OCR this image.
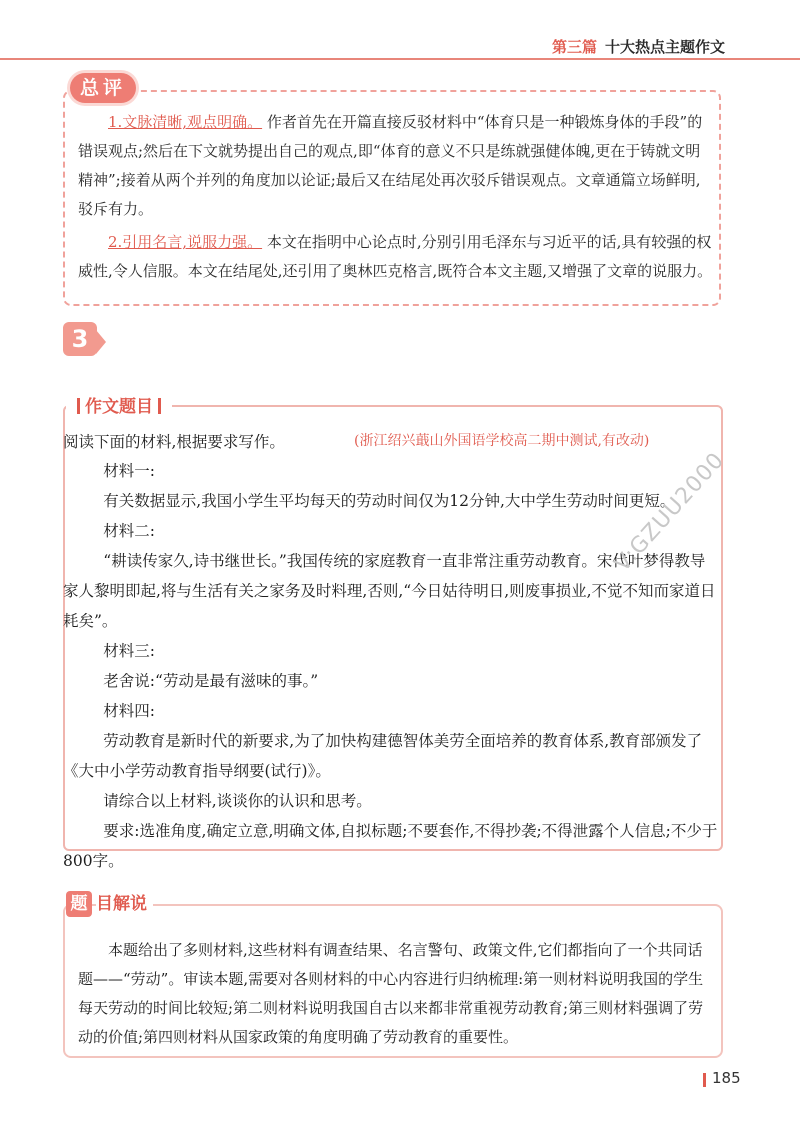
第三篇 十大热点主题作文
总评

1.文脉清晰,观点明确。 作者首先在开篇直接反驳材料中“体育只是一种锻炼身体的手段”的错误观点;然后在下文就势提出自己的观点,即“体育的意义不只是练就强健体魄,更在于铸就文明精神”;接着从两个并列的角度加以论证;最后又在结尾处再次驳斥错误观点。文章通篇立场鲜明,驳斥有力。

2.引用名言,说服力强。 本文在指明中心论点时,分别引用毛泽东与习近平的话,具有较强的权威性,令人信服。本文在结尾处,还引用了奥林匹克格言,既符合本文主题,又增强了文章的说服力。

3
作文题目
阅读下面的材料,根据要求写作。	(浙江绍兴蕺山外国语学校高二期中测试,有改动)

材料一:

有关数据显示,我国小学生平均每天的劳动时间仅为12分钟,大中学生劳动时间更短。

材料二:

“耕读传家久,诗书继世长。”我国传统的家庭教育一直非常注重劳动教育。宋代叶梦得教导家人黎明即起,将与生活有关之家务及时料理,否则,“今日姑待明日,则废事损业,不觉不知而家道日耗矣”。

材料三:

老舍说:“劳动是最有滋味的事。”

材料四:

劳动教育是新时代的新要求,为了加快构建德智体美劳全面培养的教育体系,教育部颁发了《大中小学劳动教育指导纲要(试行)》。

请综合以上材料,谈谈你的认识和思考。

要求:选准角度,确定立意,明确文体,自拟标题;不要套作,不得抄袭;不得泄露个人信息;不少于800字。

题 目解说

本题给出了多则材料,这些材料有调查结果、名言警句、政策文件,它们都指向了一个共同话题——“劳动”。审读本题,需要对各则材料的中心内容进行归纳梳理:第一则材料说明我国的学生每天劳动的时间比较短;第二则材料说明我国自古以来都非常重视劳动教育;第三则材料强调了劳动的价值;第四则材料从国家政策的角度明确了劳动教育的重要性。

V:GZUU2000
185
